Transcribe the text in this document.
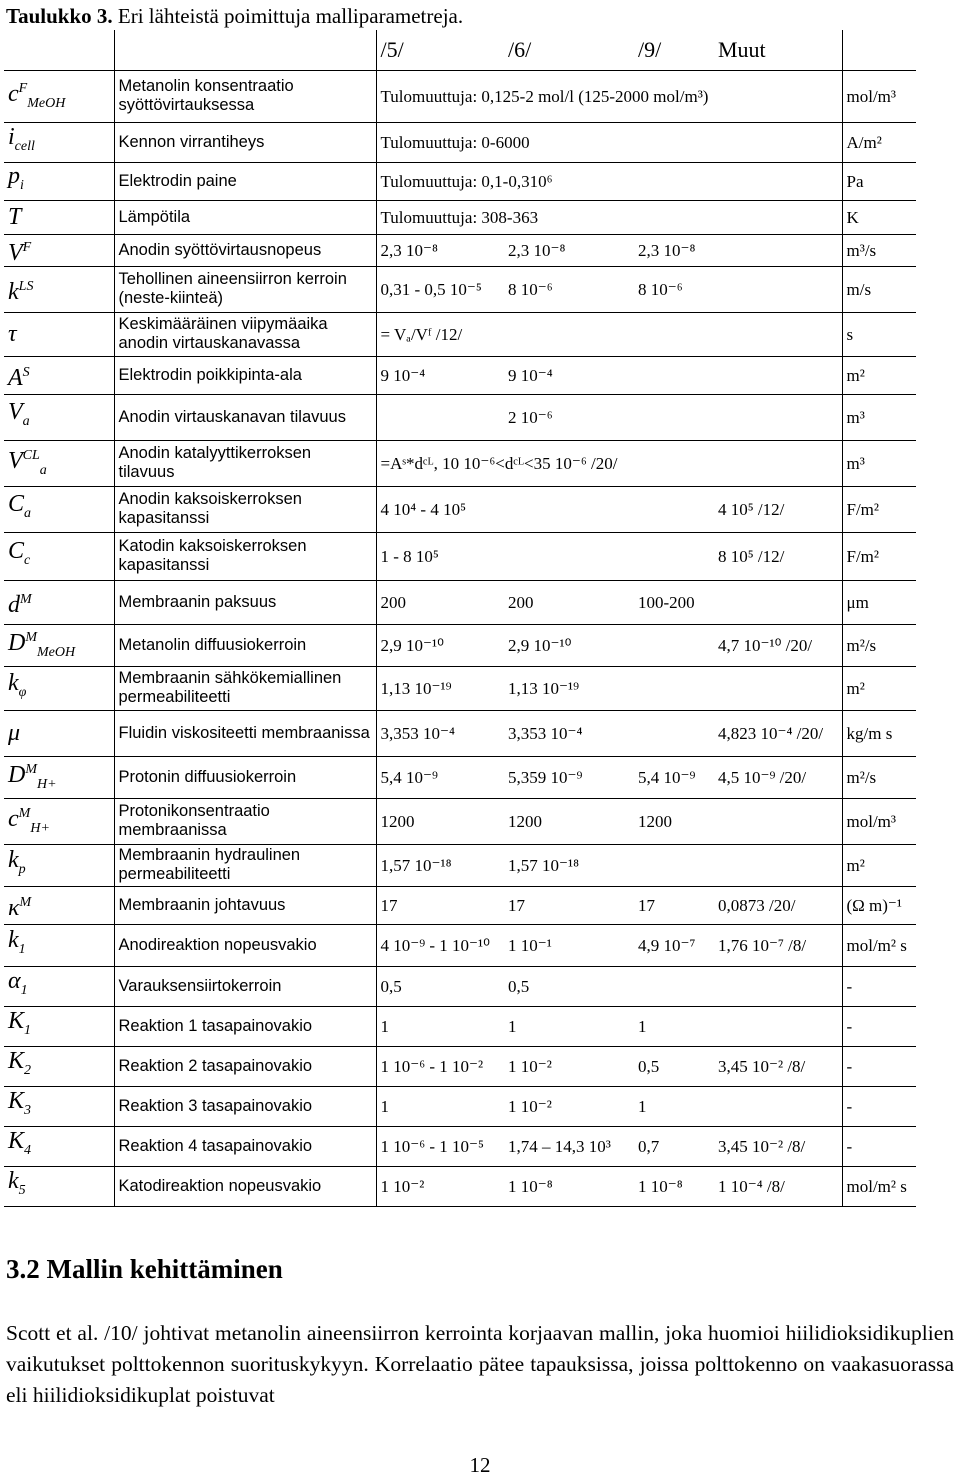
Taulukko 3. Eri lähteistä poimittuja malliparametreja.
		/5/	/6/	/9/	Muut	
$c^F_{MeOH}$	Metanolin konsentraatio syöttövirtauksessa	Tulomuuttuja: 0,125-2 mol/l (125-2000 mol/m³)				mol/m³
$i_{cell}$	Kennon virrantiheys	Tulomuuttuja: 0-6000				A/m²
$p_i$	Elektrodin paine	Tulomuuttuja: 0,1-0,310⁶				Pa
T	Lämpötila	Tulomuuttuja: 308-363				K
$V^F$	Anodin syöttövirtausnopeus	2,3 10⁻⁸	2,3 10⁻⁸	2,3 10⁻⁸		m³/s
$k^{LS}$	Tehollinen aineensiirron kerroin (neste-kiinteä)	0,31 - 0,5 10⁻⁵	8 10⁻⁶	8 10⁻⁶		m/s
τ	Keskimääräinen viipymäaika anodin virtauskanavassa	= Vₐ/Vᶠ /12/				s
$A^S$	Elektrodin poikkipinta-ala	9 10⁻⁴	9 10⁻⁴			m²
$V_a$	Anodin virtauskanavan tilavuus		2 10⁻⁶			m³
$V^{CL}_a$	Anodin katalyyttikerroksen tilavuus	=Aˢ*dᶜᴸ, 10 10⁻⁶<dᶜᴸ<35 10⁻⁶ /20/				m³
$C_a$	Anodin kaksoiskerroksen kapasitanssi	4 10⁴ - 4 10⁵			4 10⁵ /12/	F/m²
$C_c$	Katodin kaksoiskerroksen kapasitanssi	1 - 8 10⁵			8 10⁵ /12/	F/m²
$d^M$	Membraanin paksuus	200	200	100-200		μm
$D^M_{MeOH}$	Metanolin diffuusiokerroin	2,9 10⁻¹⁰	2,9 10⁻¹⁰		4,7 10⁻¹⁰ /20/	m²/s
$k_\varphi$	Membraanin sähkökemiallinen permeabiliteetti	1,13 10⁻¹⁹	1,13 10⁻¹⁹			m²
μ	Fluidin viskositeetti membraanissa	3,353 10⁻⁴	3,353 10⁻⁴		4,823 10⁻⁴ /20/	kg/m s
$D^M_{H+}$	Protonin diffuusiokerroin	5,4 10⁻⁹	5,359 10⁻⁹	5,4 10⁻⁹	4,5 10⁻⁹ /20/	m²/s
$c^M_{H+}$	Protonikonsentraatio membraanissa	1200	1200	1200		mol/m³
$k_p$	Membraanin hydraulinen permeabiliteetti	1,57 10⁻¹⁸	1,57 10⁻¹⁸			m²
$\kappa^M$	Membraanin johtavuus	17	17	17	0,0873 /20/	(Ω m)⁻¹
$k_1$	Anodireaktion nopeusvakio	4 10⁻⁹ - 1 10⁻¹⁰	1 10⁻¹	4,9 10⁻⁷	1,76 10⁻⁷ /8/	mol/m² s
$\alpha_1$	Varauksensiirtokerroin	0,5	0,5			-
$K_1$	Reaktion 1 tasapainovakio	1	1	1		-
$K_2$	Reaktion 2 tasapainovakio	1 10⁻⁶ - 1 10⁻²	1 10⁻²	0,5	3,45 10⁻² /8/	-
$K_3$	Reaktion 3 tasapainovakio	1	1 10⁻²	1		-
$K_4$	Reaktion 4 tasapainovakio	1 10⁻⁶ - 1 10⁻⁵	1,74 – 14,3 10³	0,7	3,45 10⁻² /8/	-
$k_5$	Katodireaktion nopeusvakio	1 10⁻²	1 10⁻⁸	1 10⁻⁸	1 10⁻⁴ /8/	mol/m² s
3.2 Mallin kehittäminen
Scott et al. /10/ johtivat metanolin aineensiirron kerrointa korjaavan mallin, joka huomioi hiilidioksidikuplien vaikutukset polttokennon suorituskykyyn. Korrelaatio pätee tapauksissa, joissa polttokenno on vaakasuorassa eli hiilidioksidikuplat poistuvat
12
